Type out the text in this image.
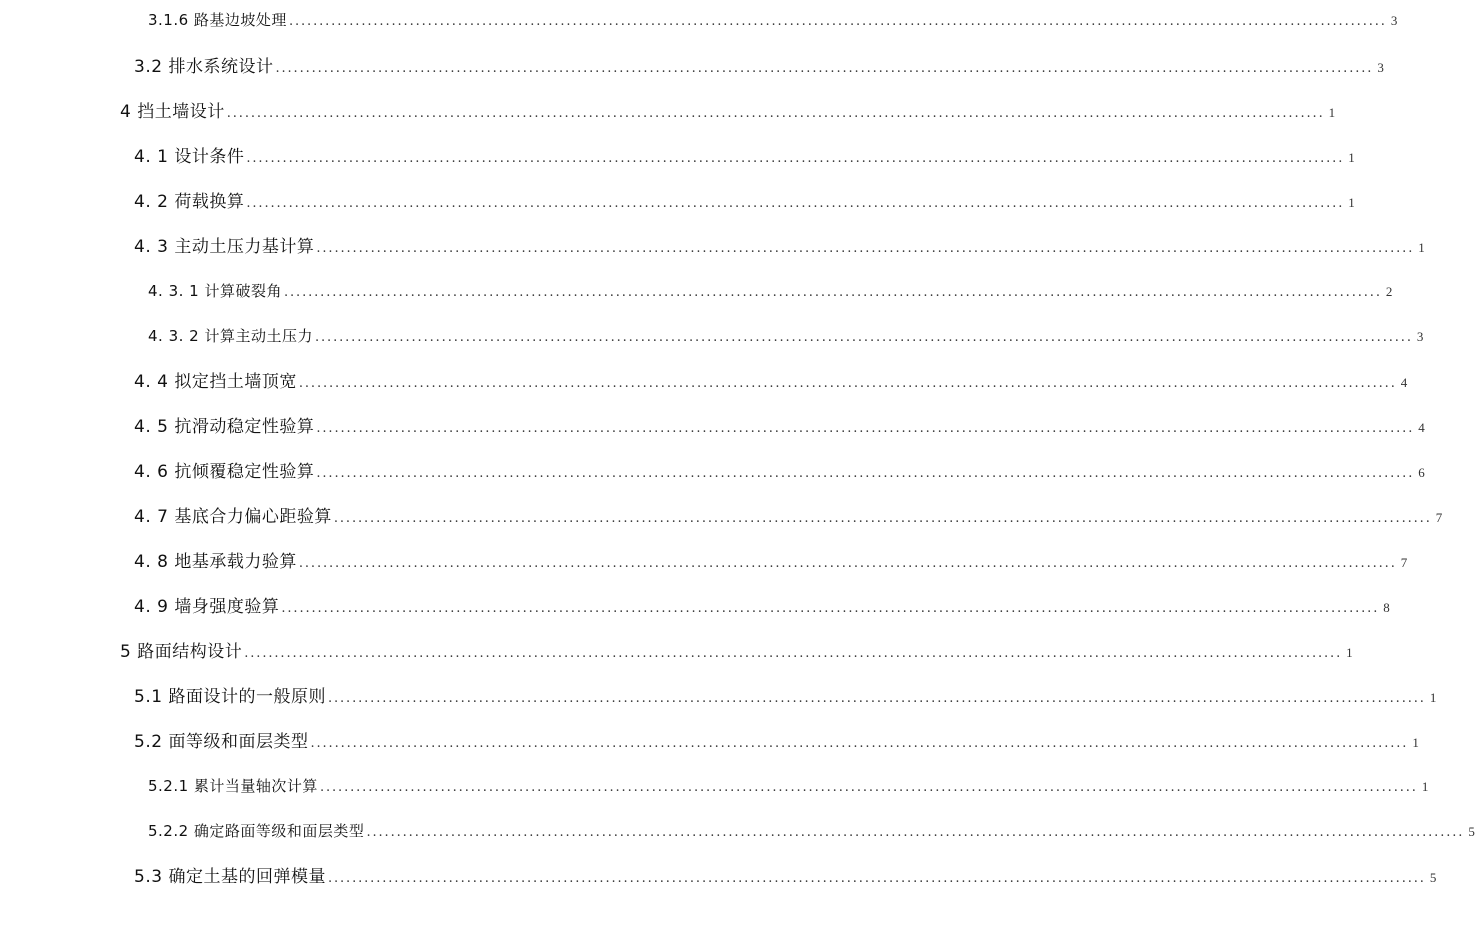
3.1.6 路基边坡处理 ...................................................................................................................................................................................... 3
3.2 排水系统设计 ...................................................................................................................................................................................... 3
4 挡土墙设计 ...................................................................................................................................................................................... 1
4. 1 设计条件 ...................................................................................................................................................................................... 1
4. 2 荷载换算 ...................................................................................................................................................................................... 1
4. 3 主动土压力基计算 ...................................................................................................................................................................................... 1
4. 3. 1 计算破裂角 ...................................................................................................................................................................................... 2
4. 3. 2 计算主动土压力 ...................................................................................................................................................................................... 3
4. 4 拟定挡土墙顶宽 ...................................................................................................................................................................................... 4
4. 5 抗滑动稳定性验算 ...................................................................................................................................................................................... 4
4. 6 抗倾覆稳定性验算 ...................................................................................................................................................................................... 6
4. 7 基底合力偏心距验算 ...................................................................................................................................................................................... 7
4. 8 地基承载力验算 ...................................................................................................................................................................................... 7
4. 9 墙身强度验算 ...................................................................................................................................................................................... 8
5 路面结构设计 ...................................................................................................................................................................................... 1
5.1 路面设计的一般原则 ...................................................................................................................................................................................... 1
5.2 面等级和面层类型 ...................................................................................................................................................................................... 1
5.2.1 累计当量轴次计算 ...................................................................................................................................................................................... 1
5.2.2 确定路面等级和面层类型 ...................................................................................................................................................................................... 5
5.3 确定土基的回弹模量 ...................................................................................................................................................................................... 5
